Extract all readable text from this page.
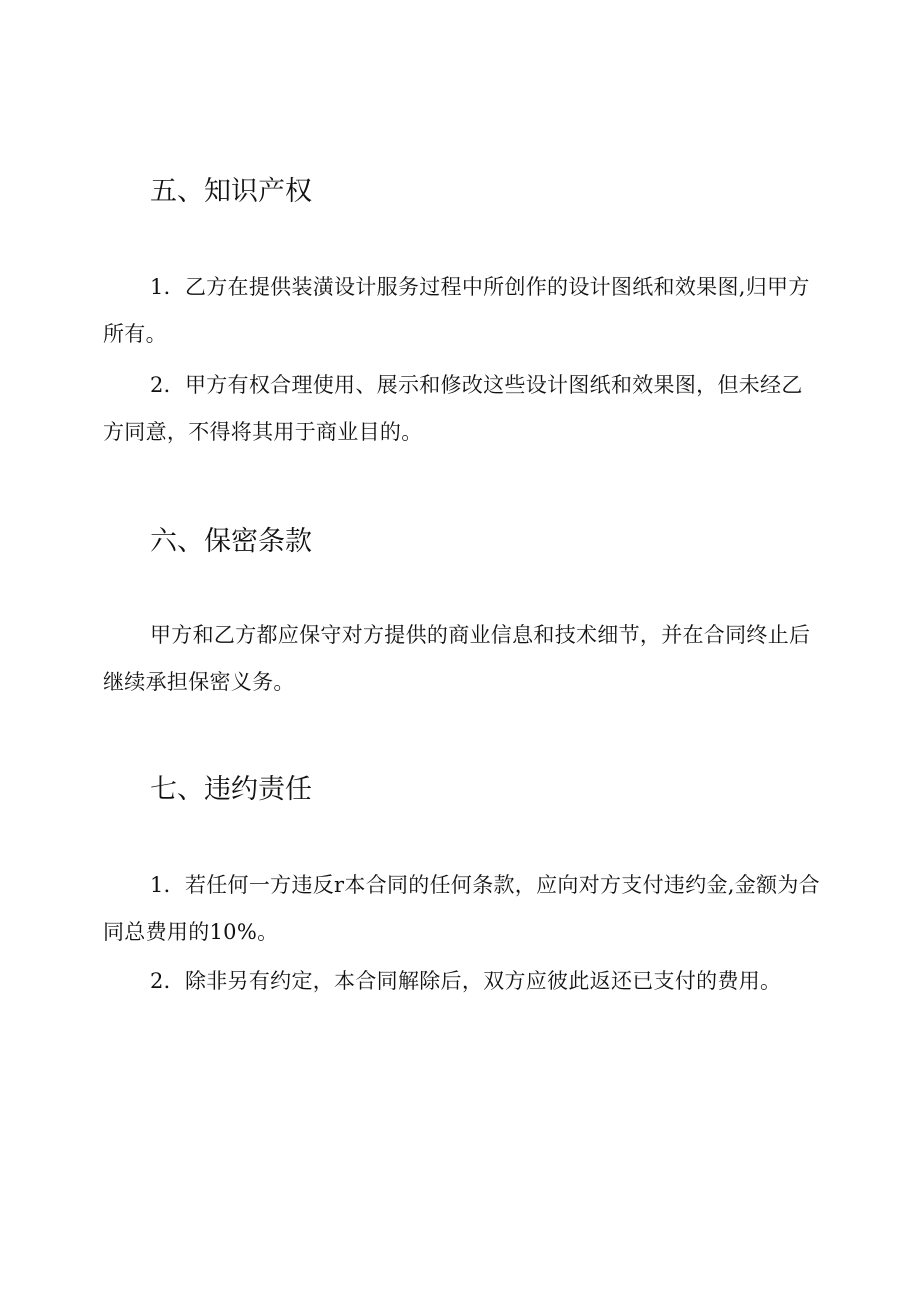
五、知识产权

1．乙方在提供装潢设计服务过程中所创作的设计图纸和效果图,归甲方所有。

2．甲方有权合理使用、展示和修改这些设计图纸和效果图，但未经乙方同意，不得将其用于商业目的。

六、保密条款

甲方和乙方都应保守对方提供的商业信息和技术细节，并在合同终止后继续承担保密义务。

七、违约责任

1．若任何一方违反r本合同的任何条款，应向对方支付违约金,金额为合同总费用的10%。

2．除非另有约定，本合同解除后，双方应彼此返还已支付的费用。
